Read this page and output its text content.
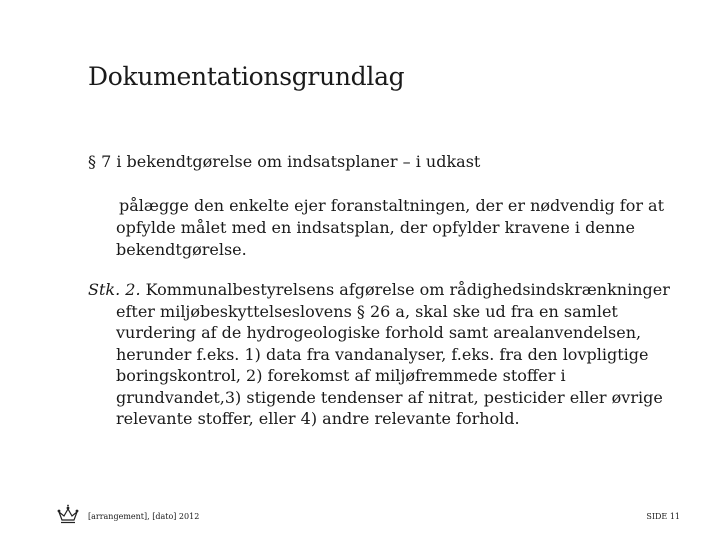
Dokumentationsgrundlag

§ 7 i bekendtgørelse om indsatsplaner – i udkast

pålægge den enkelte ejer foranstaltningen, der er nødvendig for at opfylde målet med en indsatsplan, der opfylder kravene i denne bekendtgørelse.

Stk. 2. Kommunalbestyrelsens afgørelse om rådighedsindskrænkninger efter miljøbeskyttelseslovens § 26 a, skal ske ud fra en samlet vurdering af de hydrogeologiske forhold samt arealanvendelsen, herunder f.eks. 1) data fra vandanalyser, f.eks. fra den lovpligtige boringskontrol, 2) forekomst af miljøfremmede stoffer i grundvandet,3) stigende tendenser af nitrat, pesticider eller øvrige relevante stoffer, eller 4) andre relevante forhold.

[arrangement], [dato] 2012	SIDE 11
